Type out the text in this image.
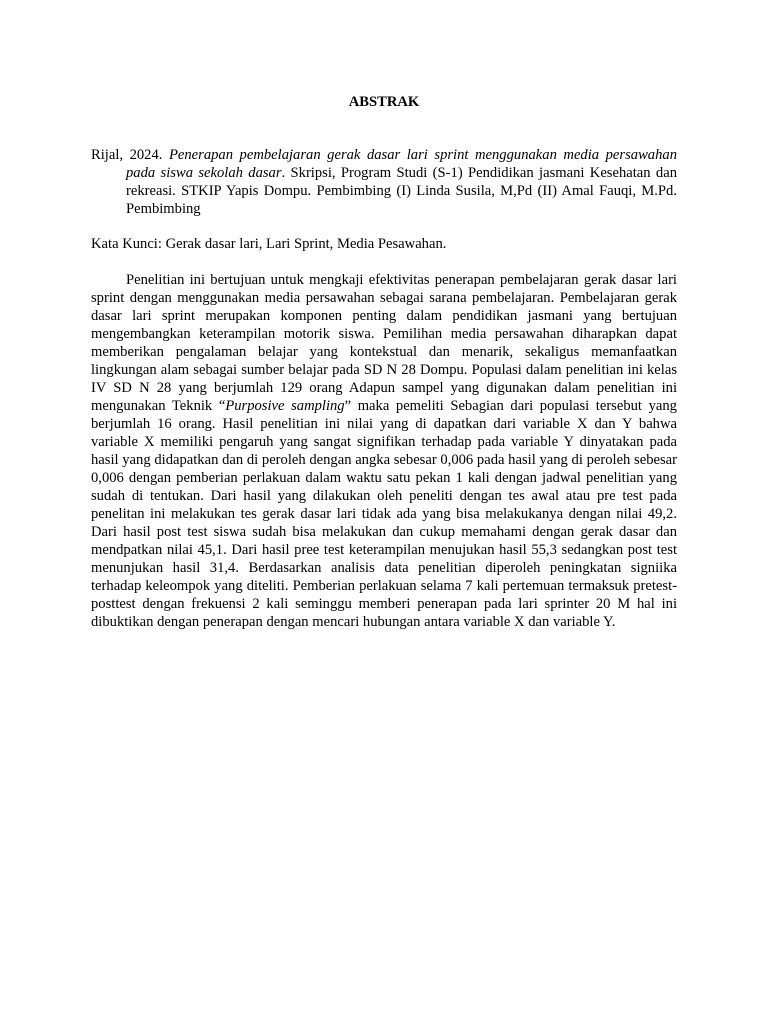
ABSTRAK

Rijal, 2024. Penerapan pembelajaran gerak dasar lari sprint menggunakan media persawahan pada siswa sekolah dasar. Skripsi, Program Studi (S-1) Pendidikan jasmani Kesehatan dan rekreasi. STKIP Yapis Dompu. Pembimbing (I) Linda Susila, M,Pd (II) Amal Fauqi, M.Pd. Pembimbing

Kata Kunci: Gerak dasar lari, Lari Sprint, Media Pesawahan.

Penelitian ini bertujuan untuk mengkaji efektivitas penerapan pembelajaran gerak dasar lari sprint dengan menggunakan media persawahan sebagai sarana pembelajaran. Pembelajaran gerak dasar lari sprint merupakan komponen penting dalam pendidikan jasmani yang bertujuan mengembangkan keterampilan motorik siswa. Pemilihan media persawahan diharapkan dapat memberikan pengalaman belajar yang kontekstual dan menarik, sekaligus memanfaatkan lingkungan alam sebagai sumber belajar pada SD N 28 Dompu. Populasi dalam penelitian ini kelas IV SD N 28 yang berjumlah 129 orang Adapun sampel yang digunakan dalam penelitian ini mengunakan Teknik “Purposive sampling” maka pemeliti Sebagian dari populasi tersebut yang berjumlah 16 orang. Hasil penelitian ini nilai yang di dapatkan dari variable X dan Y bahwa variable X memiliki pengaruh yang sangat signifikan terhadap pada variable Y dinyatakan pada hasil yang didapatkan dan di peroleh dengan angka sebesar 0,006 pada hasil yang di peroleh sebesar 0,006 dengan pemberian perlakuan dalam waktu satu pekan 1 kali dengan jadwal penelitian yang sudah di tentukan. Dari hasil yang dilakukan oleh peneliti dengan tes awal atau pre test pada penelitan ini melakukan tes gerak dasar lari tidak ada yang bisa melakukanya dengan nilai 49,2. Dari hasil post test siswa sudah bisa melakukan dan cukup memahami dengan gerak dasar dan mendpatkan nilai 45,1. Dari hasil pree test keterampilan menujukan hasil 55,3 sedangkan post test menunjukan hasil 31,4. Berdasarkan analisis data penelitian diperoleh peningkatan signiika terhadap keleompok yang diteliti. Pemberian perlakuan selama 7 kali pertemuan termaksuk pretest-posttest dengan frekuensi 2 kali seminggu memberi penerapan pada lari sprinter 20 M hal ini dibuktikan dengan penerapan dengan mencari hubungan antara variable X dan variable Y.
